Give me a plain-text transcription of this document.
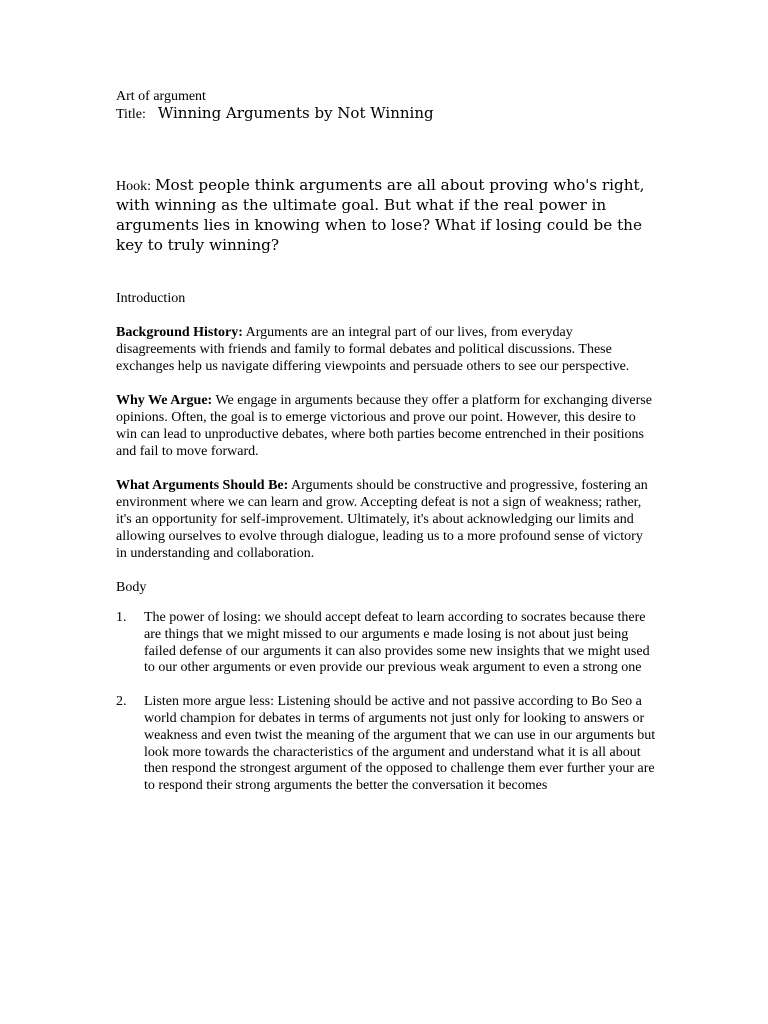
Art of argument

Title: Winning Arguments by Not Winning

Hook: Most people think arguments are all about proving who's right, with winning as the ultimate goal. But what if the real power in arguments lies in knowing when to lose? What if losing could be the key to truly winning?

Introduction

Background History: Arguments are an integral part of our lives, from everyday disagreements with friends and family to formal debates and political discussions. These exchanges help us navigate differing viewpoints and persuade others to see our perspective.

Why We Argue: We engage in arguments because they offer a platform for exchanging diverse opinions. Often, the goal is to emerge victorious and prove our point. However, this desire to win can lead to unproductive debates, where both parties become entrenched in their positions and fail to move forward.

What Arguments Should Be: Arguments should be constructive and progressive, fostering an environment where we can learn and grow. Accepting defeat is not a sign of weakness; rather, it's an opportunity for self-improvement. Ultimately, it's about acknowledging our limits and allowing ourselves to evolve through dialogue, leading us to a more profound sense of victory in understanding and collaboration.

Body

1. The power of losing: we should accept defeat to learn according to socrates because there are things that we might missed to our arguments e made losing is not about just being failed defense of our arguments it can also provides some new insights that we might used to our other arguments or even provide our previous weak argument to even a strong one
2. Listen more argue less: Listening should be active and not passive according to Bo Seo a world champion for debates in terms of arguments not just only for looking to answers or weakness and even twist the meaning of the argument that we can use in our arguments but look more towards the characteristics of the argument and understand what it is all about then respond the strongest argument of the opposed to challenge them ever further your are to respond their strong arguments the better the conversation it becomes
